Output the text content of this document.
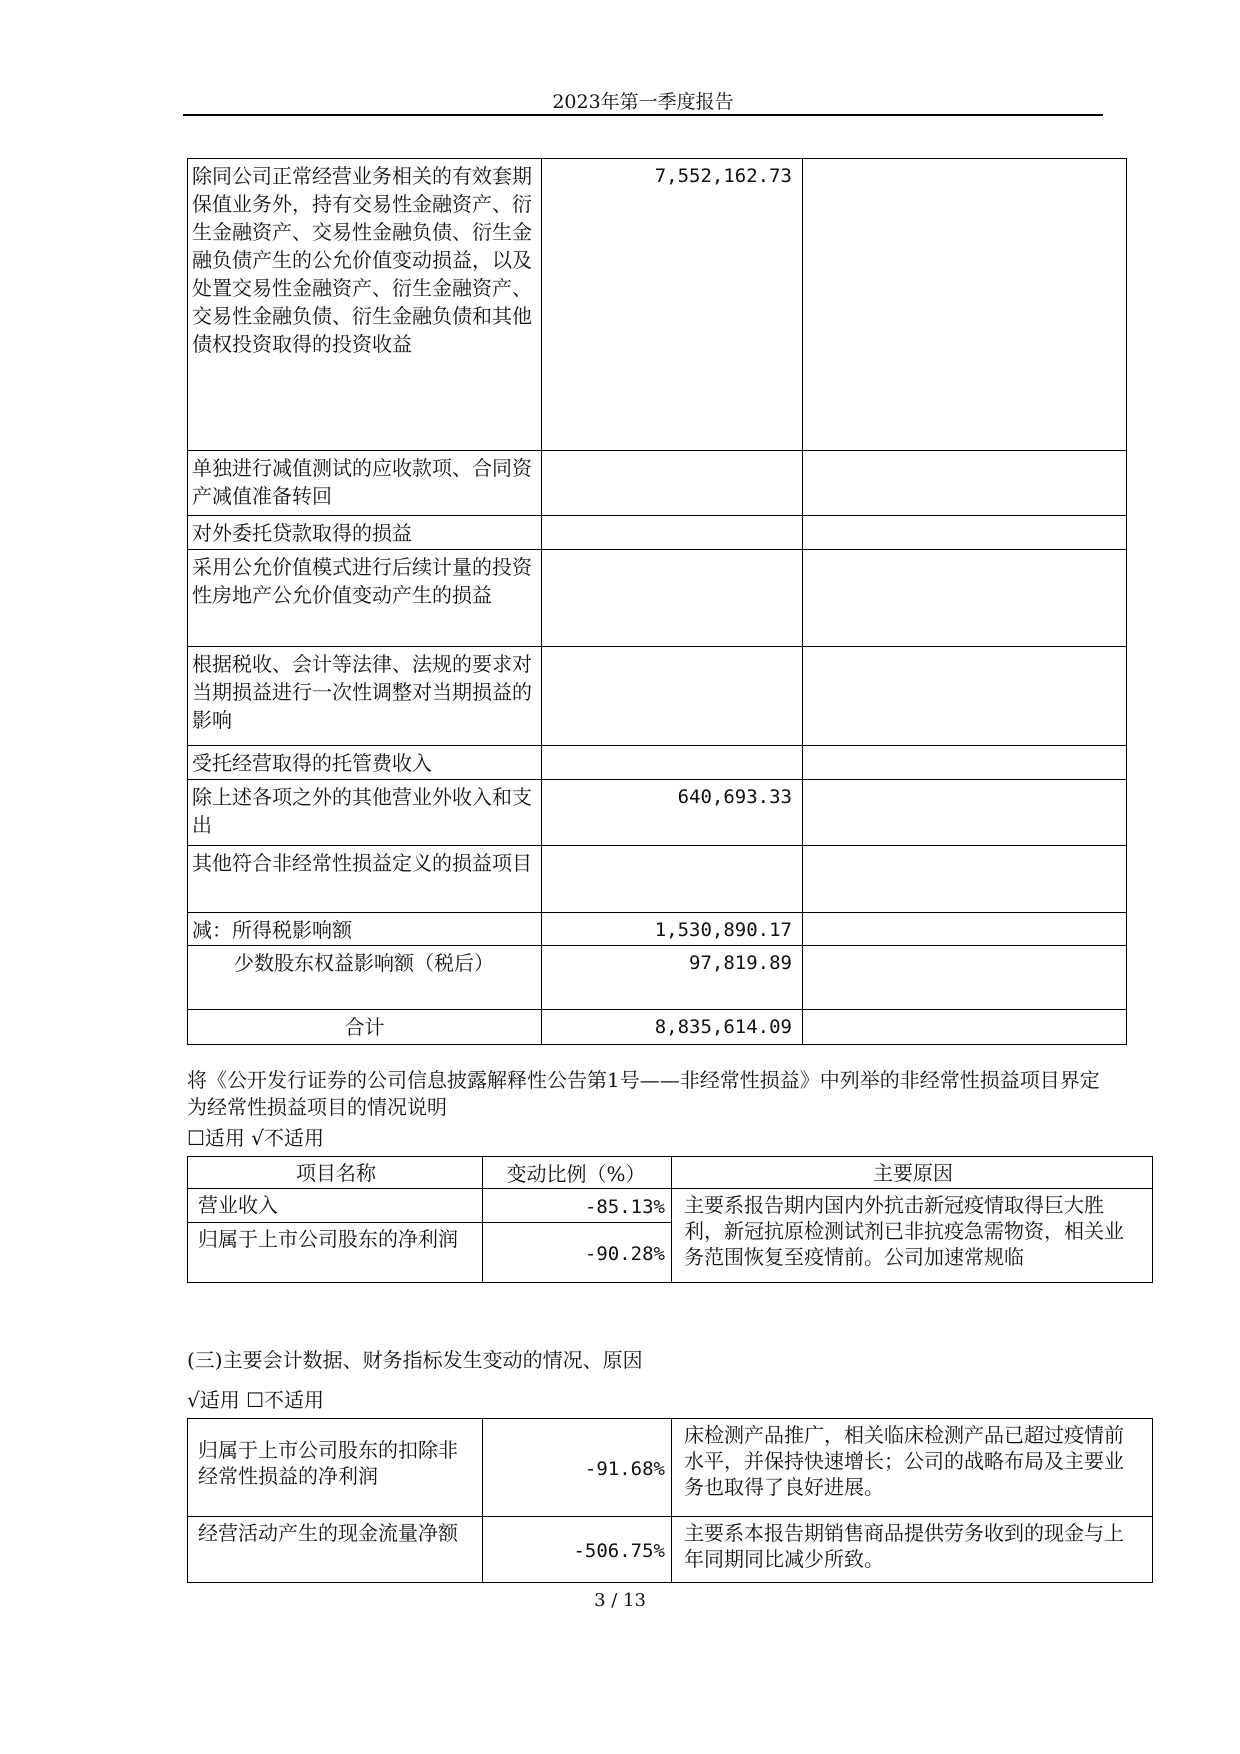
2023年第一季度报告
除同公司正常经营业务相关的有效套期保值业务外，持有交易性金融资产、衍生金融资产、交易性金融负债、衍生金融负债产生的公允价值变动损益，以及处置交易性金融资产、衍生金融资产、交易性金融负债、衍生金融负债和其他债权投资取得的投资收益	7,552,162.73	
单独进行减值测试的应收款项、合同资产减值准备转回		
对外委托贷款取得的损益		
采用公允价值模式进行后续计量的投资性房地产公允价值变动产生的损益		
根据税收、会计等法律、法规的要求对当期损益进行一次性调整对当期损益的影响		
受托经营取得的托管费收入		
除上述各项之外的其他营业外收入和支出	640,693.33	
其他符合非经常性损益定义的损益项目		
减：所得税影响额	1,530,890.17	
少数股东权益影响额（税后）	97,819.89	
合计	8,835,614.09	
将《公开发行证券的公司信息披露解释性公告第1号——非经常性损益》中列举的非经常性损益项目界定为经常性损益项目的情况说明
☐适用 √不适用
项目名称	变动比例（%）	主要原因
营业收入	-85.13%	主要系报告期内国内外抗击新冠疫情取得巨大胜利，新冠抗原检测试剂已非抗疫急需物资，相关业务范围恢复至疫情前。公司加速常规临
归属于上市公司股东的净利润	-90.28%	
(三)主要会计数据、财务指标发生变动的情况、原因
√适用 ☐不适用
归属于上市公司股东的扣除非经常性损益的净利润	-91.68%	床检测产品推广，相关临床检测产品已超过疫情前水平，并保持快速增长；公司的战略布局及主要业务也取得了良好进展。
经营活动产生的现金流量净额	-506.75%	主要系本报告期销售商品提供劳务收到的现金与上年同期同比减少所致。
3 / 13
